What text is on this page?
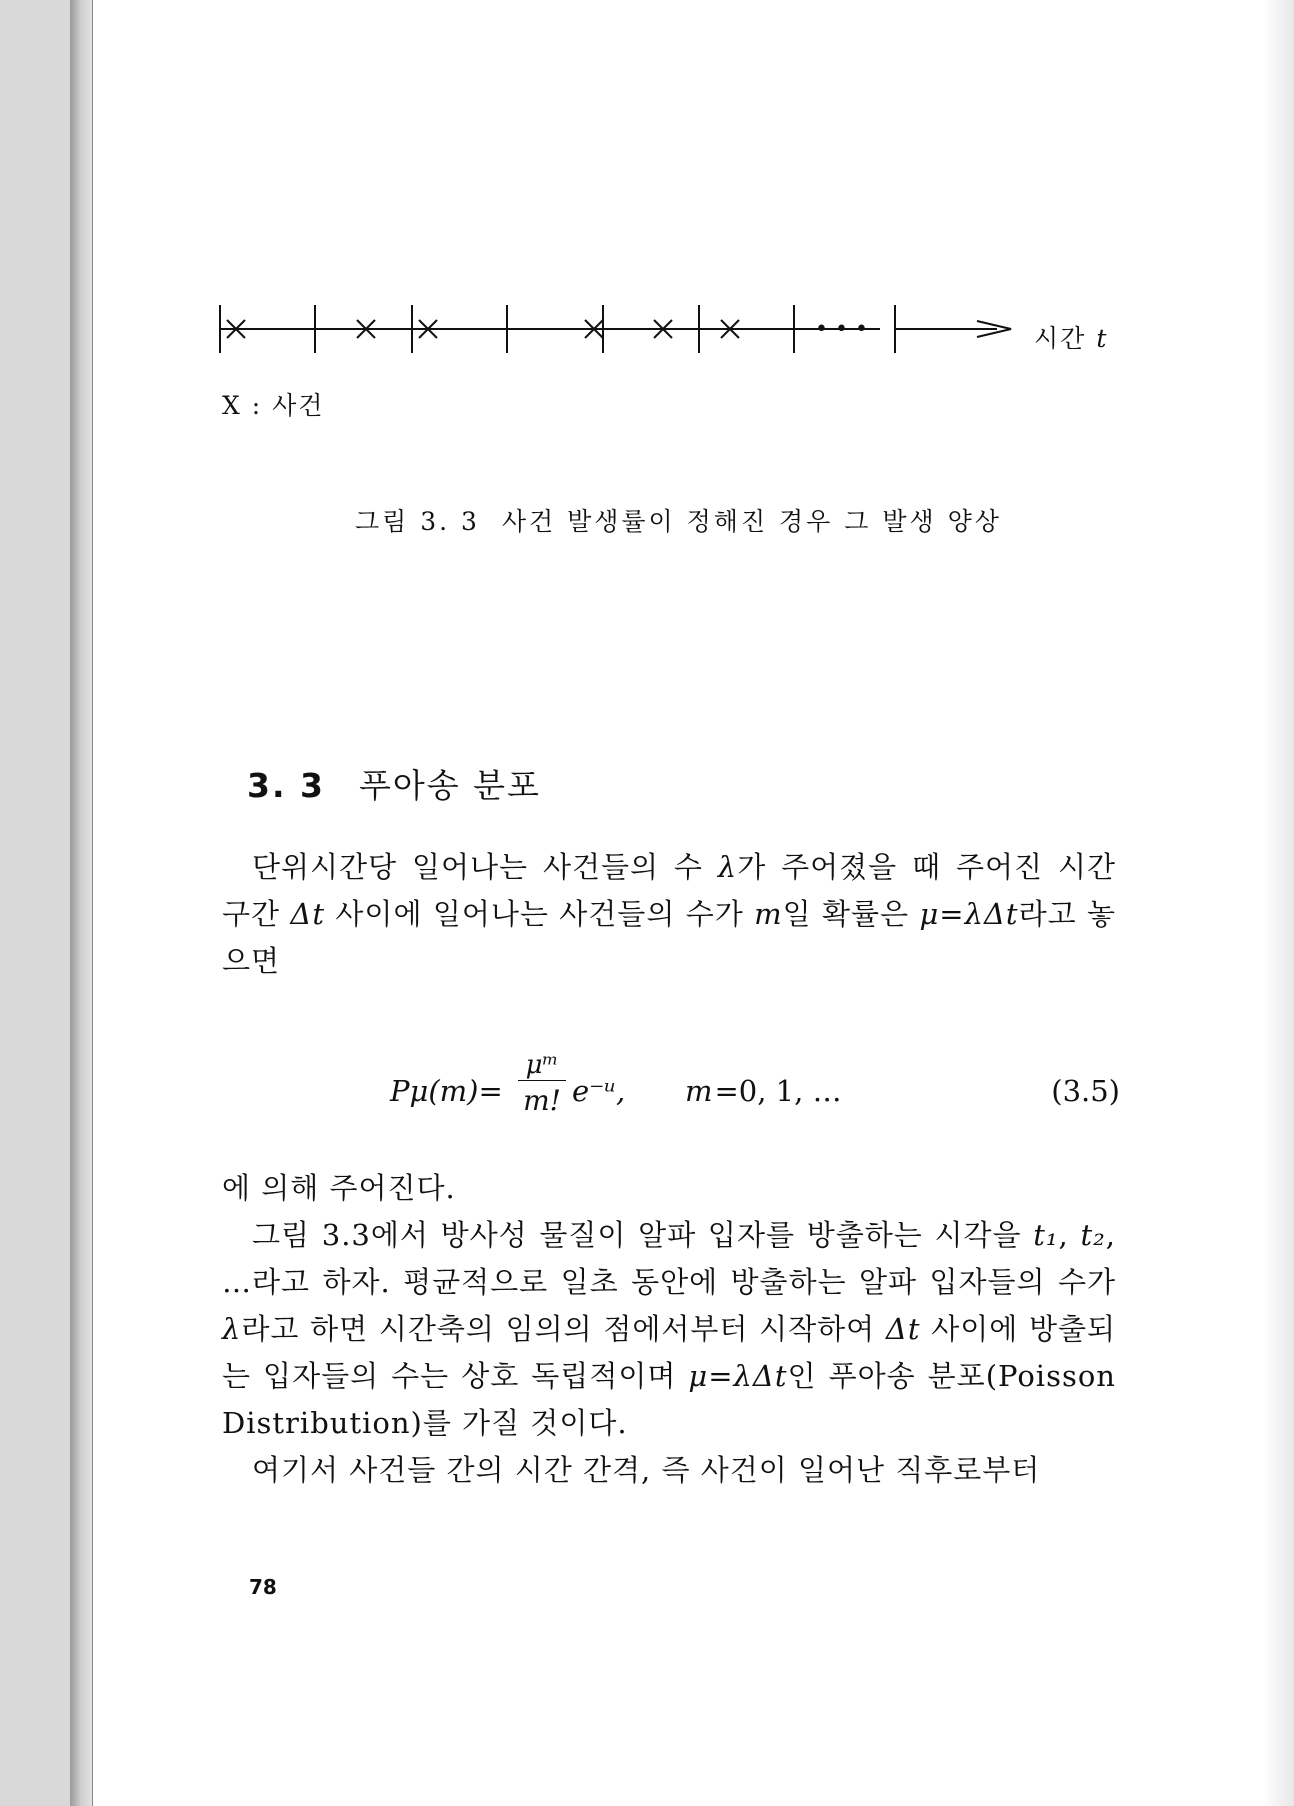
• • •	시간 t
X : 사건
그림 3. 3  사건 발생률이 정해진 경우 그 발생 양상
3. 3 푸아송 분포
단위시간당 일어나는 사건들의 수 λ가 주어졌을 때 주어진 시간 구간 Δt 사이에 일어나는 사건들의 수가 m일 확률은 μ=λΔt라고 놓으면
$P\mu(m)= \frac{\text{μᵐ}}{m!}$ e⁻ᵘ, m=0, 1, …	(3.5)
에 의해 주어진다.
그림 3.3에서 방사성 물질이 알파 입자를 방출하는 시각을 t₁, t₂, …라고 하자. 평균적으로 일초 동안에 방출하는 알파 입자들의 수가 λ라고 하면 시간축의 임의의 점에서부터 시작하여 Δt 사이에 방출되는 입자들의 수는 상호 독립적이며 μ=λΔt인 푸아송 분포(Poisson Distribution)를 가질 것이다.
여기서 사건들 간의 시간 간격, 즉 사건이 일어난 직후로부터
78
